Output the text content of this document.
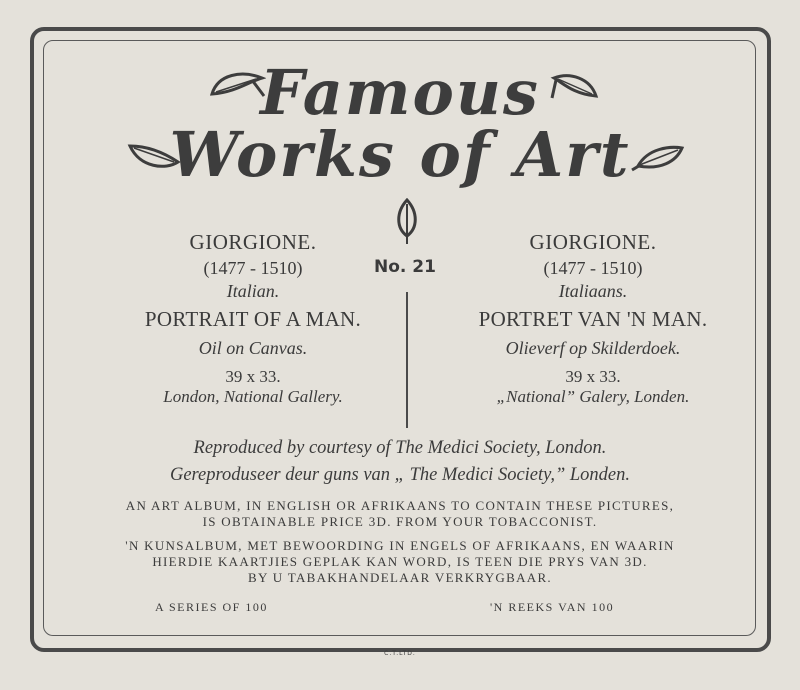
Famous
Works of Art
No. 21
GIORGIONE.
(1477 - 1510)
Italian.
PORTRAIT OF A MAN.
Oil on Canvas.
39 x 33.
London, National Gallery.
GIORGIONE.
(1477 - 1510)
Italiaans.
PORTRET VAN 'N MAN.
Olieverf op Skilderdoek.
39 x 33.
„National” Galery, Londen.
Reproduced by courtesy of The Medici Society, London.
Gereproduseer deur guns van „ The Medici Society,” Londen.
AN ART ALBUM, IN ENGLISH OR AFRIKAANS TO CONTAIN THESE PICTURES,
IS OBTAINABLE PRICE 3D. FROM YOUR TOBACCONIST.
'N KUNSALBUM, MET BEWOORDING IN ENGELS OF AFRIKAANS, EN WAARIN
HIERDIE KAARTJIES GEPLAK KAN WORD, IS TEEN DIE PRYS VAN 3D.
BY U TABAKHANDELAAR VERKRYGBAAR.
A SERIES OF 100	'N REEKS VAN 100
C.T.LTD.
